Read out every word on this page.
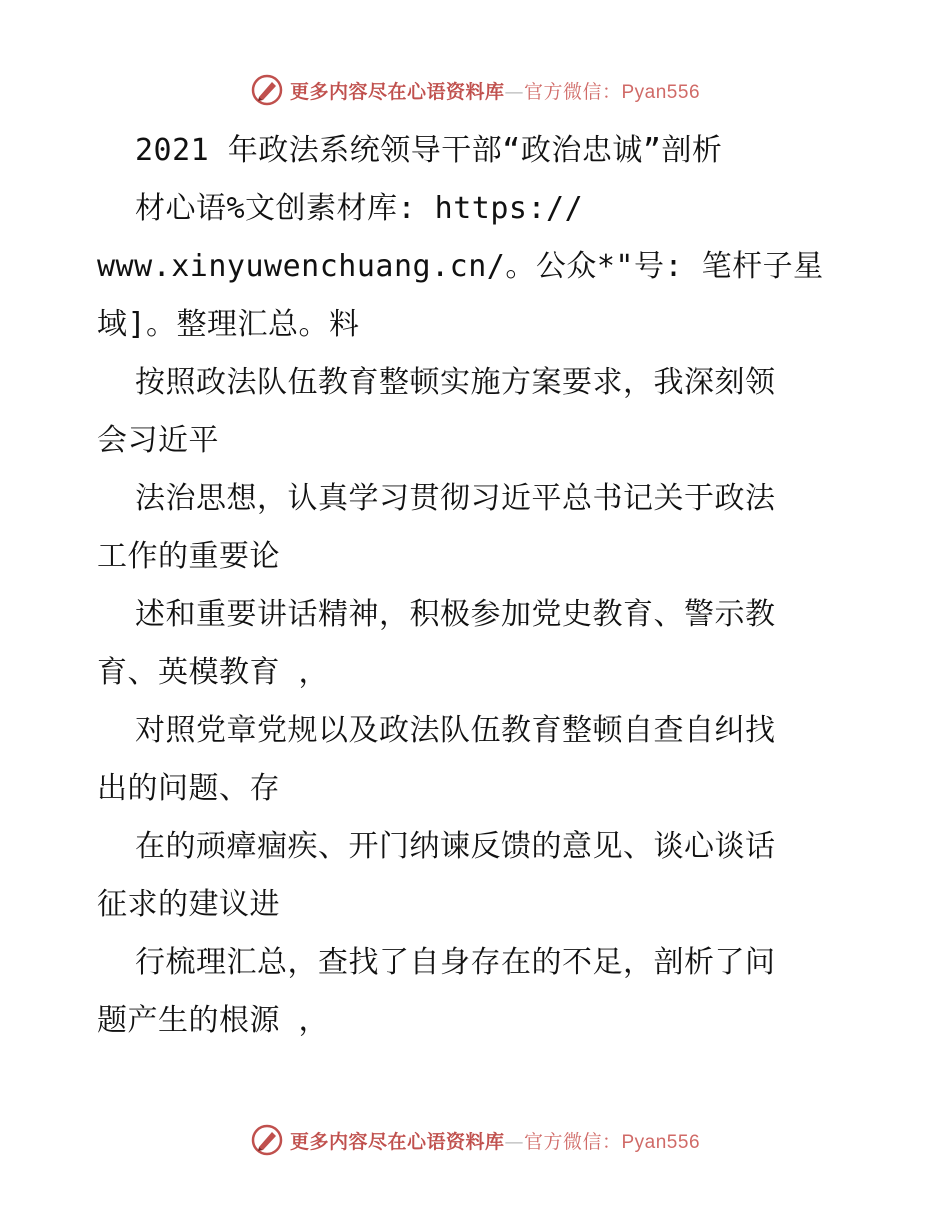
更多内容尽在心语资料库—官方微信：Pyan556
2021 年政法系统领导干部“政治忠诚”剖析
材心语%文创素材库: https://
www.xinyuwenchuang.cn/。公众*"号: 笔杆子星
域]。整理汇总。料
按照政法队伍教育整顿实施方案要求，我深刻领
会习近平
法治思想，认真学习贯彻习近平总书记关于政法
工作的重要论
述和重要讲话精神，积极参加党史教育、警示教
育、英模教育 ，
对照党章党规以及政法队伍教育整顿自查自纠找
出的问题、存
在的顽瘴痼疾、开门纳谏反馈的意见、谈心谈话
征求的建议进
行梳理汇总，查找了自身存在的不足，剖析了问
题产生的根源 ，
更多内容尽在心语资料库—官方微信：Pyan556
